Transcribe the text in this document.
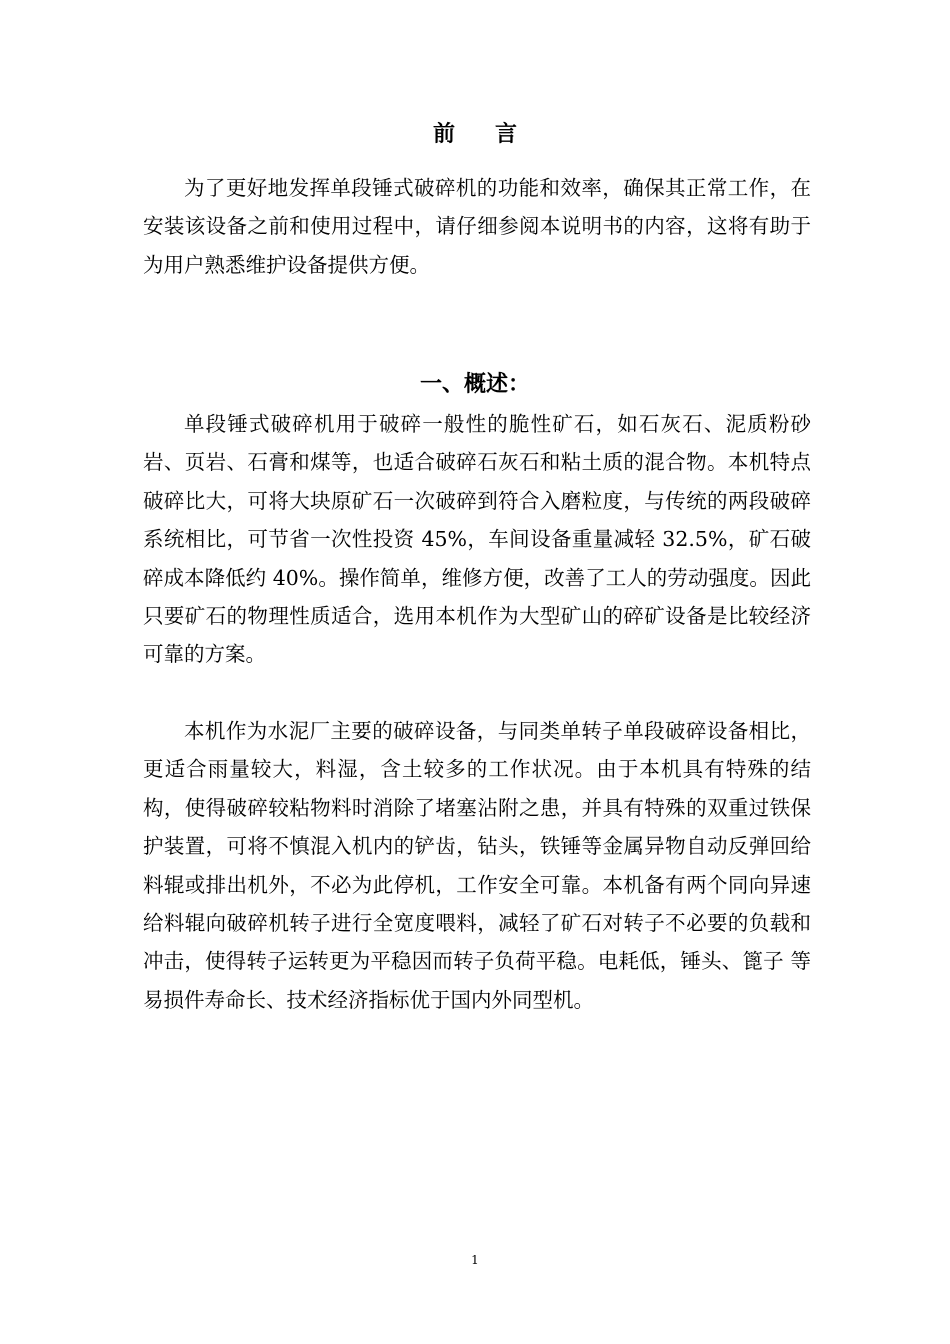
前言

为了更好地发挥单段锤式破碎机的功能和效率，确保其正常工作，在安装该设备之前和使用过程中，请仔细参阅本说明书的内容，这将有助于为用户熟悉维护设备提供方便。

一、概述：

单段锤式破碎机用于破碎一般性的脆性矿石，如石灰石、泥质粉砂岩、页岩、石膏和煤等，也适合破碎石灰石和粘土质的混合物。本机特点破碎比大，可将大块原矿石一次破碎到符合入磨粒度，与传统的两段破碎系统相比，可节省一次性投资 45%，车间设备重量减轻 32.5%，矿石破碎成本降低约 40%。操作简单，维修方便，改善了工人的劳动强度。因此只要矿石的物理性质适合，选用本机作为大型矿山的碎矿设备是比较经济可靠的方案。

本机作为水泥厂主要的破碎设备，与同类单转子单段破碎设备相比，更适合雨量较大，料湿，含土较多的工作状况。由于本机具有特殊的结构，使得破碎较粘物料时消除了堵塞沾附之患，并具有特殊的双重过铁保护装置，可将不慎混入机内的铲齿，钻头，铁锤等金属异物自动反弹回给料辊或排出机外，不必为此停机，工作安全可靠。本机备有两个同向异速给料辊向破碎机转子进行全宽度喂料，减轻了矿石对转子不必要的负载和冲击，使得转子运转更为平稳因而转子负荷平稳。电耗低，锤头、篦子 等易损件寿命长、技术经济指标优于国内外同型机。

1
